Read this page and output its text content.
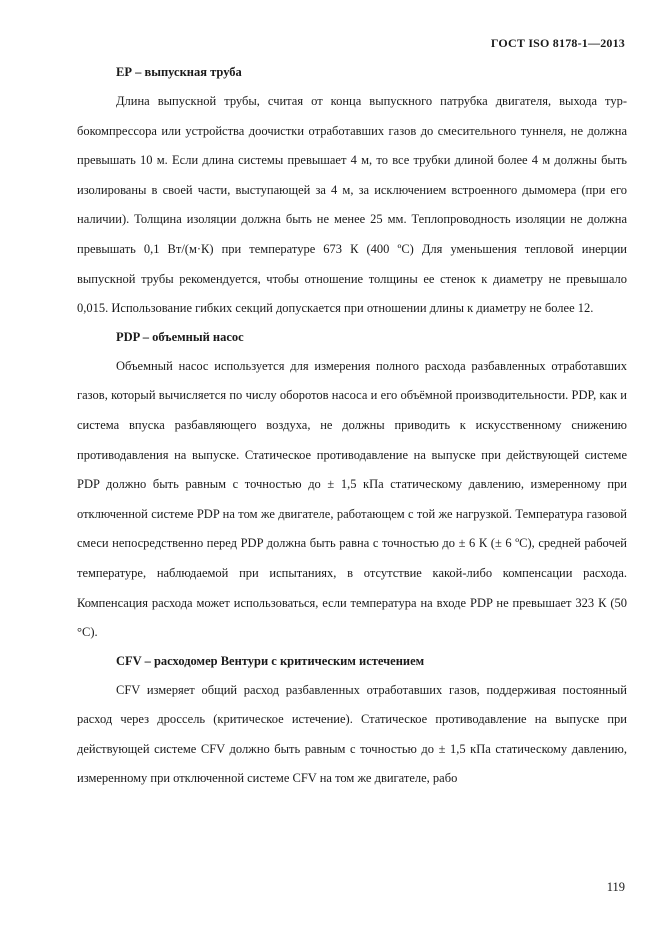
ГОСТ ISO 8178-1—2013
ЕР – выпускная труба

Длина выпускной трубы, считая от конца выпускного патрубка двигателя, выхода турбокомпрессора или устройства доочистки отработавших газов до смесительного туннеля, не должна превышать 10 м. Если длина системы превышает 4 м, то все трубки длиной более 4 м должны быть изолированы в своей части, выступающей за 4 м, за исключением встроенного дымомера (при его наличии). Толщина изоляции должна быть не менее 25 мм. Теплопроводность изоляции не должна превышать 0,1 Вт/(м·К) при температуре 673 К (400 ºС) Для уменьшения тепловой инерции выпускной трубы рекомендуется, чтобы отношение толщины ее стенок к диаметру не превышало 0,015. Использование гибких секций допускается при отношении длины к диаметру не более 12.

PDP – объемный насос

Объемный насос используется для измерения полного расхода разбавленных отработавших газов, который вычисляется по числу оборотов насоса и его объёмной производительности. PDP, как и система впуска разбавляющего воздуха, не должны приводить к искусственному снижению противодавления на выпуске. Статическое противодавление на выпуске при действующей системе PDP должно быть равным с точностью до ± 1,5 кПа статическому давлению, измеренному при отключенной системе PDP на том же двигателе, работающем с той же нагрузкой. Температура газовой смеси непосредственно перед PDP должна быть равна с точностью до ± 6 К (± 6 ºС), средней рабочей температуре, наблюдаемой при испытаниях, в отсутствие какой-либо компенсации расхода. Компенсация расхода может использоваться, если температура на входе PDP не превышает 323 К (50 °С).

CFV – расходомер Вентури с критическим истечением

CFV измеряет общий расход разбавленных отработавших газов, поддерживая постоянный расход через дроссель (критическое истечение). Статическое противодавление на выпуске при действующей системе CFV должно быть равным с точностью до ± 1,5 кПа статическому давлению, измеренному при отключенной системе CFV на том же двигателе, рабо

119
